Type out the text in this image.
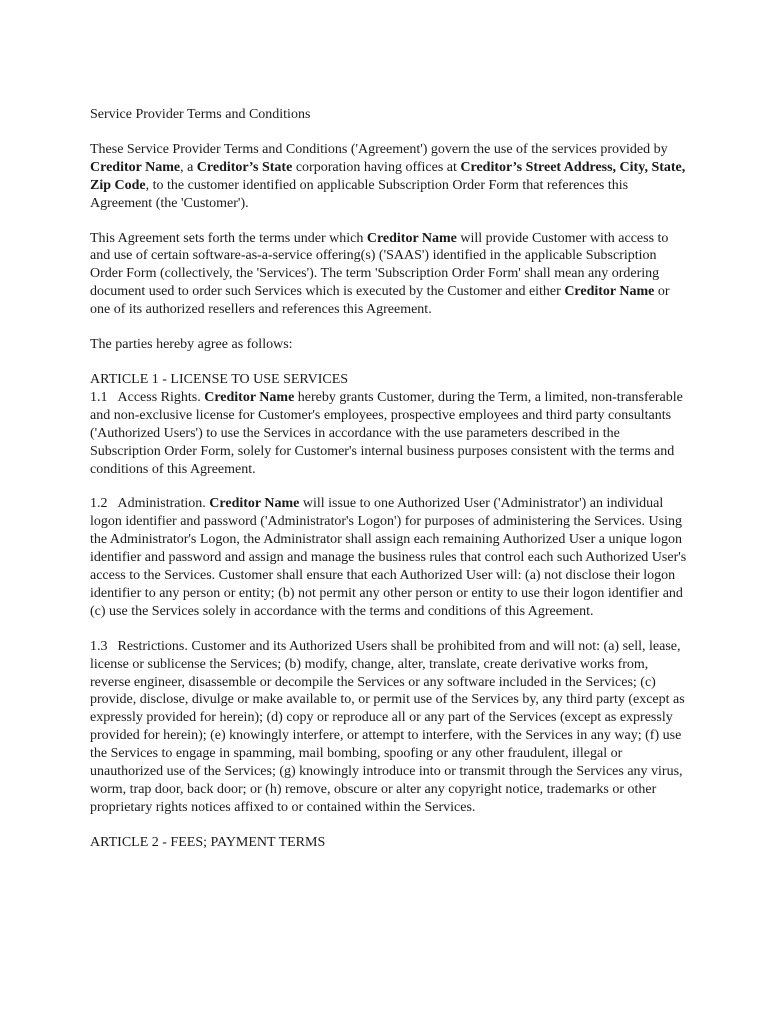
Service Provider Terms and Conditions

These Service Provider Terms and Conditions ('Agreement') govern the use of the services provided by Creditor Name, a Creditor’s State corporation having offices at Creditor’s Street Address, City, State, Zip Code, to the customer identified on applicable Subscription Order Form that references this Agreement (the 'Customer').

This Agreement sets forth the terms under which Creditor Name will provide Customer with access to and use of certain software-as-a-service offering(s) ('SAAS') identified in the applicable Subscription Order Form (collectively, the 'Services'). The term 'Subscription Order Form' shall mean any ordering document used to order such Services which is executed by the Customer and either Creditor Name or one of its authorized resellers and references this Agreement.

The parties hereby agree as follows:

ARTICLE 1 - LICENSE TO USE SERVICES

1.1 Access Rights. Creditor Name hereby grants Customer, during the Term, a limited, non-transferable and non-exclusive license for Customer's employees, prospective employees and third party consultants ('Authorized Users') to use the Services in accordance with the use parameters described in the Subscription Order Form, solely for Customer's internal business purposes consistent with the terms and conditions of this Agreement.

1.2 Administration. Creditor Name will issue to one Authorized User ('Administrator') an individual logon identifier and password ('Administrator's Logon') for purposes of administering the Services. Using the Administrator's Logon, the Administrator shall assign each remaining Authorized User a unique logon identifier and password and assign and manage the business rules that control each such Authorized User's access to the Services. Customer shall ensure that each Authorized User will: (a) not disclose their logon identifier to any person or entity; (b) not permit any other person or entity to use their logon identifier and (c) use the Services solely in accordance with the terms and conditions of this Agreement.

1.3 Restrictions. Customer and its Authorized Users shall be prohibited from and will not: (a) sell, lease, license or sublicense the Services; (b) modify, change, alter, translate, create derivative works from, reverse engineer, disassemble or decompile the Services or any software included in the Services; (c) provide, disclose, divulge or make available to, or permit use of the Services by, any third party (except as expressly provided for herein); (d) copy or reproduce all or any part of the Services (except as expressly provided for herein); (e) knowingly interfere, or attempt to interfere, with the Services in any way; (f) use the Services to engage in spamming, mail bombing, spoofing or any other fraudulent, illegal or unauthorized use of the Services; (g) knowingly introduce into or transmit through the Services any virus, worm, trap door, back door; or (h) remove, obscure or alter any copyright notice, trademarks or other proprietary rights notices affixed to or contained within the Services.

ARTICLE 2 - FEES; PAYMENT TERMS
